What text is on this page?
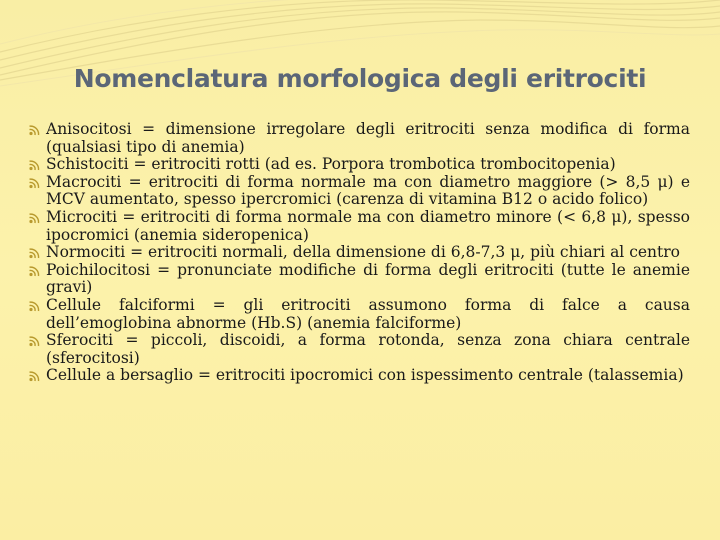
Nomenclatura morfologica degli eritrociti
Anisocitosi = dimensione irregolare degli eritrociti senza modifica di forma (qualsiasi tipo di anemia)
Schistociti = eritrociti rotti (ad es. Porpora trombotica trombocitopenia)
Macrociti = eritrociti di forma normale ma con diametro maggiore (> 8,5 μ) e MCV aumentato, spesso ipercromici (carenza di vitamina B12 o acido folico)
Microciti = eritrociti di forma normale ma con diametro minore (< 6,8 μ), spesso ipocromici (anemia sideropenica)
Normociti = eritrociti normali, della dimensione di 6,8-7,3 μ, più chiari al centro
Poichilocitosi = pronunciate modifiche di forma degli eritrociti (tutte le anemie gravi)
Cellule falciformi = gli eritrociti assumono forma di falce a causa dell’emoglobina abnorme (Hb.S) (anemia falciforme)
Sferociti = piccoli, discoidi, a forma rotonda, senza zona chiara centrale (sferocitosi)
Cellule a bersaglio = eritrociti ipocromici con ispessimento centrale (talassemia)
